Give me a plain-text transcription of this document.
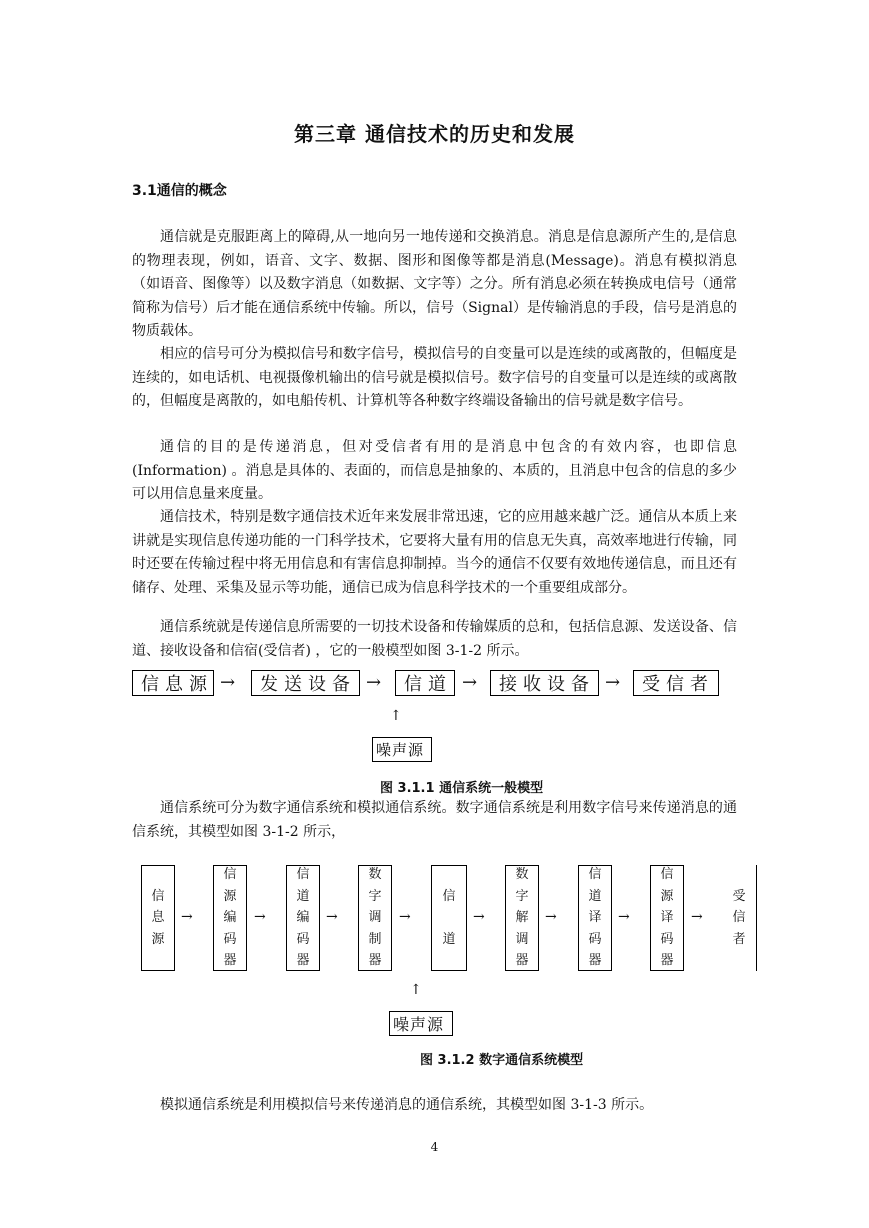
第三章 通信技术的历史和发展
3.1通信的概念

通信就是克服距离上的障碍,从一地向另一地传递和交换消息。消息是信息源所产生的,是信息的物理表现，例如，语音、文字、数据、图形和图像等都是消息(Message)。消息有模拟消息（如语音、图像等）以及数字消息（如数据、文字等）之分。所有消息必须在转换成电信号（通常简称为信号）后才能在通信系统中传输。所以，信号（Signal）是传输消息的手段，信号是消息的物质载体。

相应的信号可分为模拟信号和数字信号，模拟信号的自变量可以是连续的或离散的，但幅度是连续的，如电话机、电视摄像机输出的信号就是模拟信号。数字信号的自变量可以是连续的或离散的，但幅度是离散的，如电船传机、计算机等各种数字终端设备输出的信号就是数字信号。

通信的目的是传递消息，但对受信者有用的是消息中包含的有效内容，也即信息(Information) 。消息是具体的、表面的，而信息是抽象的、本质的，且消息中包含的信息的多少可以用信息量来度量。

通信技术，特别是数字通信技术近年来发展非常迅速，它的应用越来越广泛。通信从本质上来讲就是实现信息传递功能的一门科学技术，它要将大量有用的信息无失真，高效率地进行传输，同时还要在传输过程中将无用信息和有害信息抑制掉。当今的通信不仅要有效地传递信息，而且还有储存、处理、采集及显示等功能，通信已成为信息科学技术的一个重要组成部分。

通信系统就是传递信息所需要的一切技术设备和传输媒质的总和，包括信息源、发送设备、信道、接收设备和信宿(受信者) ，它的一般模型如图 3-1-2 所示。

信息源 →	发送设备 →	信道 →	接收设备 →	受信者
↑
噪声源
图 3.1.1 通信系统一般模型

通信系统可分为数字通信系统和模拟通信系统。数字通信系统是利用数字信号来传递消息的通信系统，其模型如图 3-1-2 所示，

信息源
→
信源编码器
→
信道编码器
→
数字调制器
→
信道
→
数字解调器
→
信道译码器
→
信源译码器
→
受信者
↑
噪声源
图 3.1.2 数字通信系统模型

模拟通信系统是利用模拟信号来传递消息的通信系统，其模型如图 3-1-3 所示。

4
